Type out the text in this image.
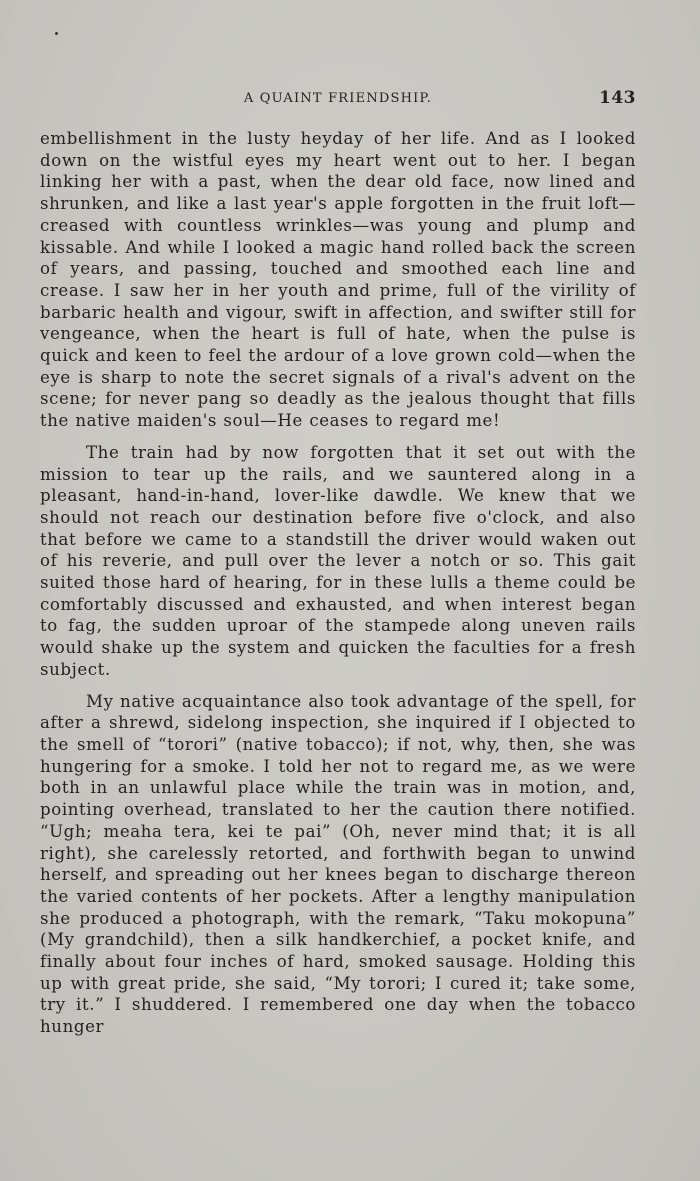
A QUAINT FRIENDSHIP.	143

embellishment in the lusty heyday of her life. And as I looked down on the wistful eyes my heart went out to her. I began linking her with a past, when the dear old face, now lined and shrunken, and like a last year's apple forgotten in the fruit loft—creased with countless wrinkles—was young and plump and kissable. And while I looked a magic hand rolled back the screen of years, and passing, touched and smoothed each line and crease. I saw her in her youth and prime, full of the virility of barbaric health and vigour, swift in affection, and swifter still for vengeance, when the heart is full of hate, when the pulse is quick and keen to feel the ardour of a love grown cold—when the eye is sharp to note the secret signals of a rival's advent on the scene; for never pang so deadly as the jealous thought that fills the native maiden's soul—He ceases to regard me!

The train had by now forgotten that it set out with the mission to tear up the rails, and we sauntered along in a pleasant, hand-in-hand, lover-like dawdle. We knew that we should not reach our destination before five o'clock, and also that before we came to a standstill the driver would waken out of his reverie, and pull over the lever a notch or so. This gait suited those hard of hearing, for in these lulls a theme could be comfortably discussed and exhausted, and when interest began to fag, the sudden uproar of the stampede along uneven rails would shake up the system and quicken the faculties for a fresh subject.

My native acquaintance also took advantage of the spell, for after a shrewd, sidelong inspection, she inquired if I objected to the smell of “torori” (native tobacco); if not, why, then, she was hungering for a smoke. I told her not to regard me, as we were both in an unlawful place while the train was in motion, and, pointing overhead, translated to her the caution there notified. “Ugh; meaha tera, kei te pai” (Oh, never mind that; it is all right), she carelessly retorted, and forthwith began to unwind herself, and spreading out her knees began to discharge thereon the varied contents of her pockets. After a lengthy manipulation she produced a photograph, with the remark, “Taku mokopuna” (My grandchild), then a silk handkerchief, a pocket knife, and finally about four inches of hard, smoked sausage. Holding this up with great pride, she said, “My torori; I cured it; take some, try it.” I shuddered. I remembered one day when the tobacco hunger
